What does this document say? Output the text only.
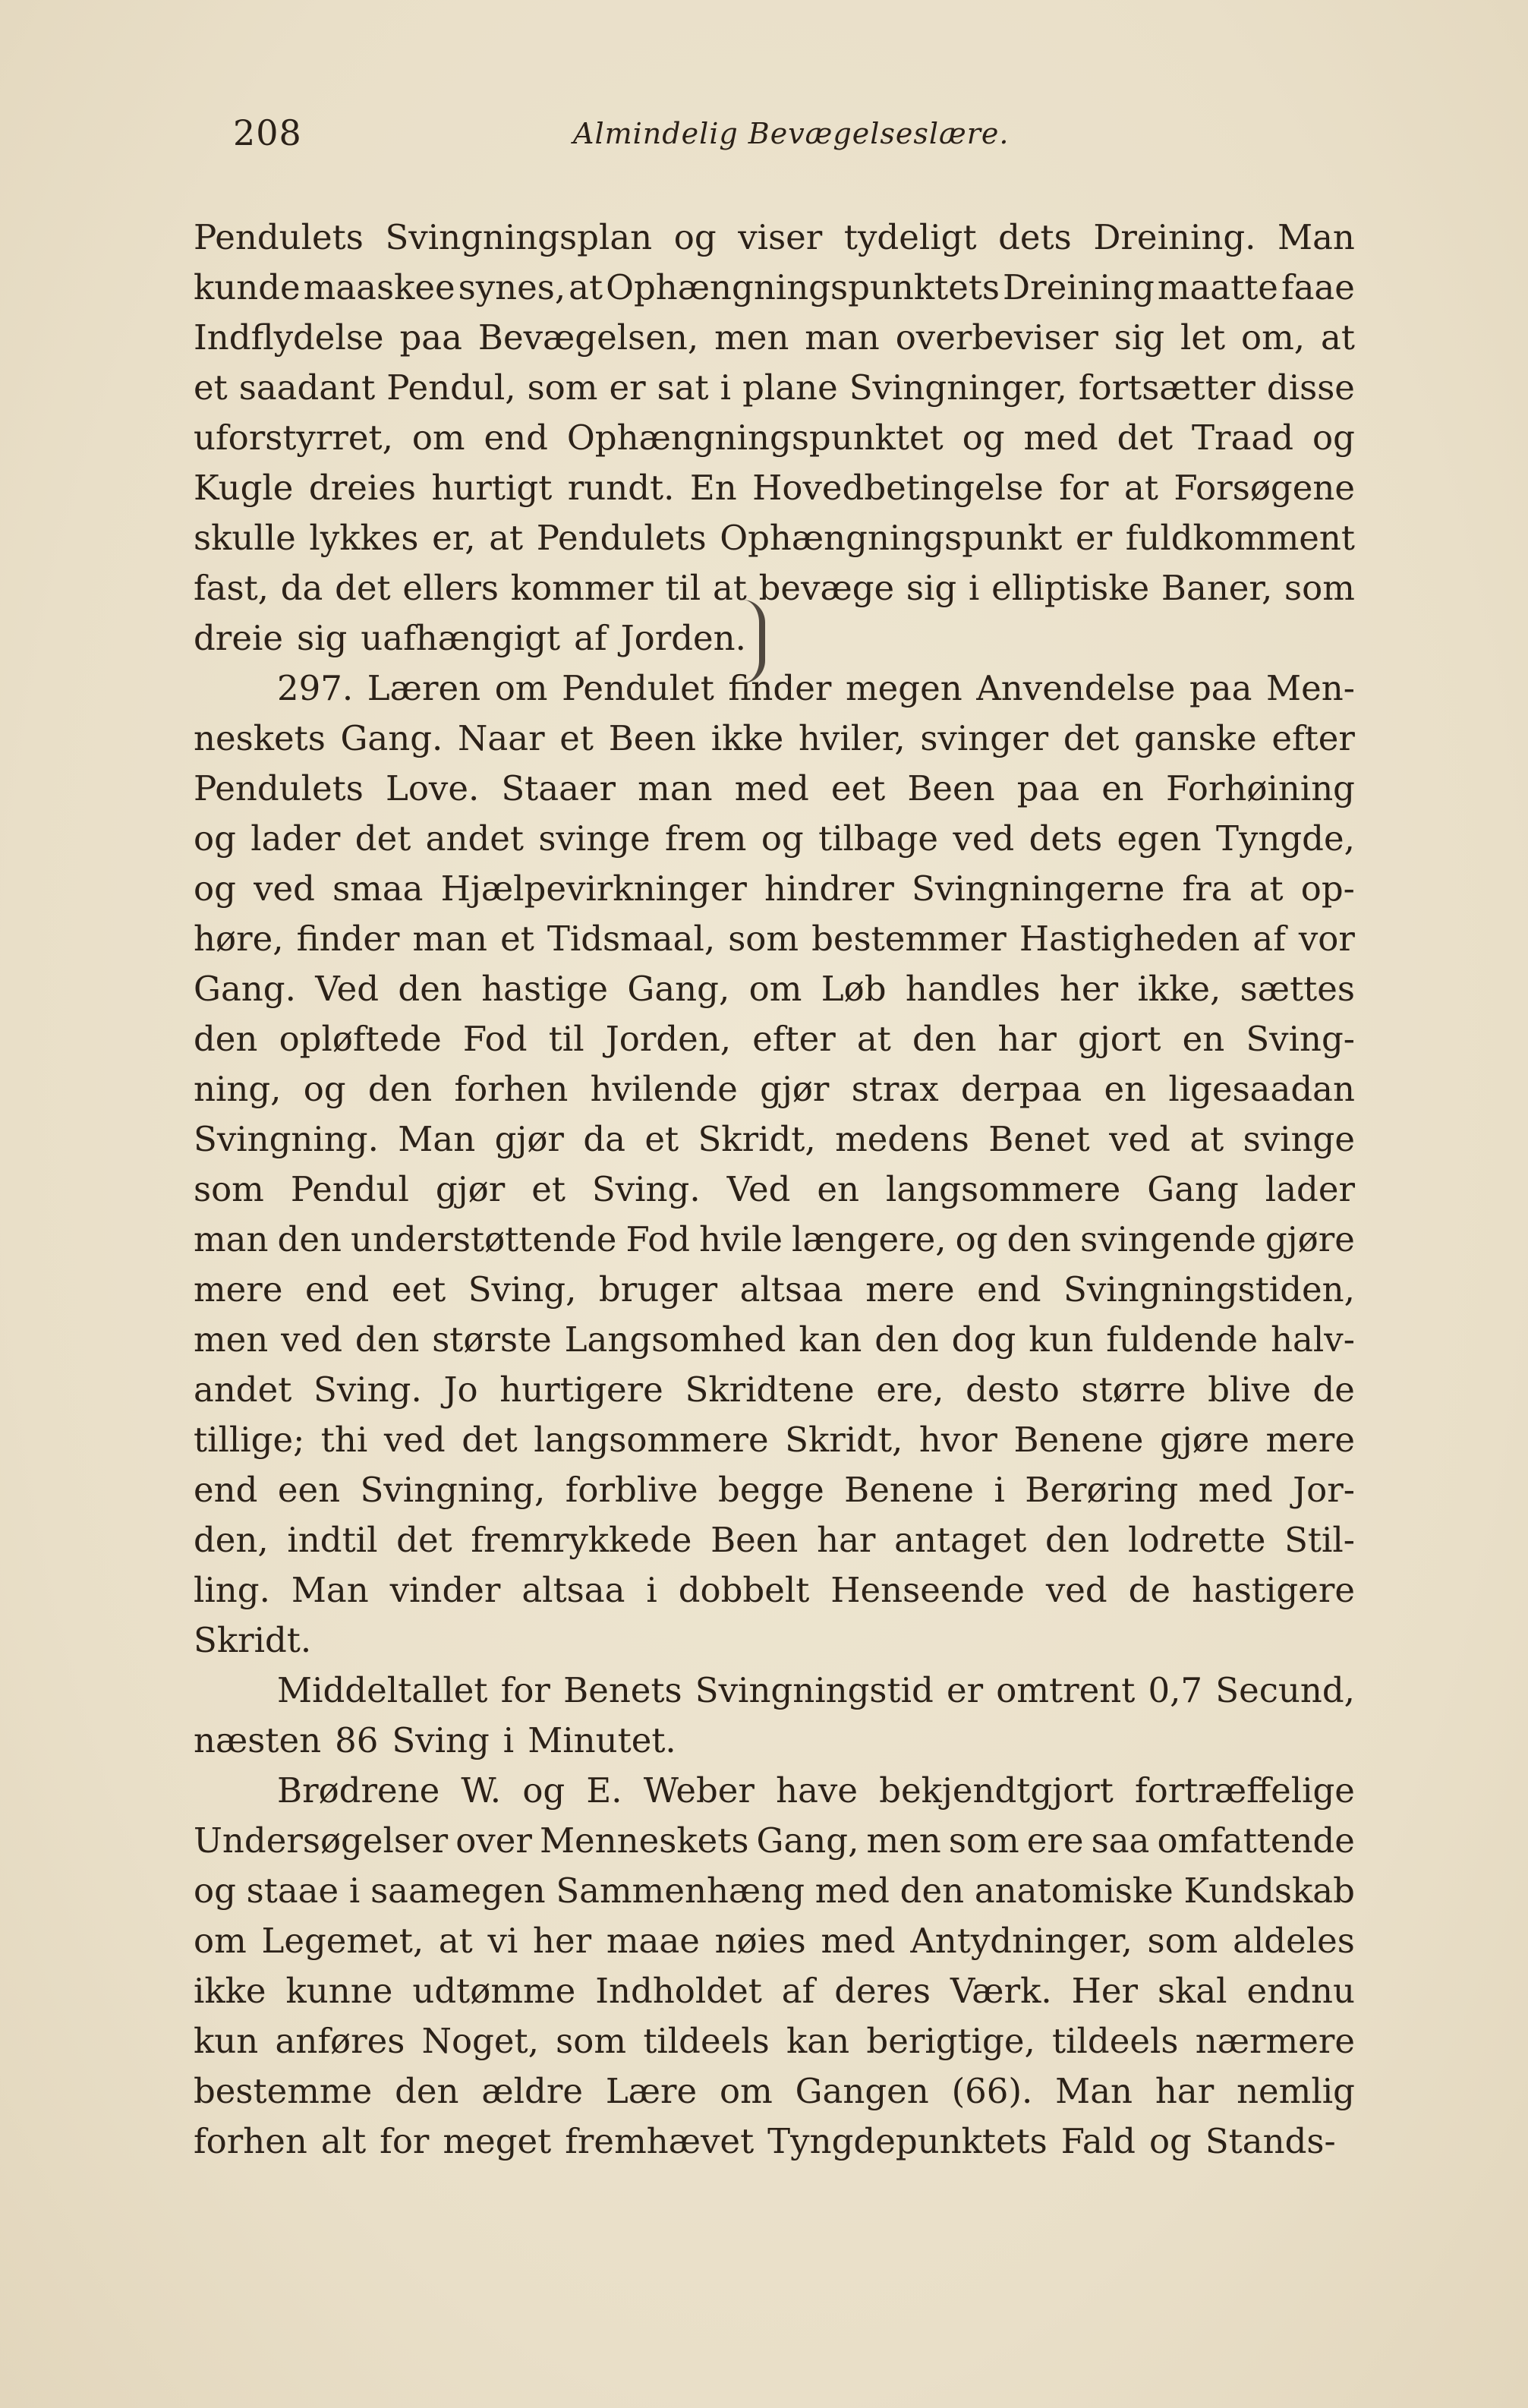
208	Almindelig Bevægelseslære.
Pendulets Svingningsplan og viser tydeligt dets Dreining. Man
kunde maaskee synes, at Ophængningspunktets Dreining maatte faae
Indflydelse paa Bevægelsen, men man overbeviser sig let om, at
et saadant Pendul, som er sat i plane Svingninger, fortsætter disse
uforstyrret, om end Ophængningspunktet og med det Traad og
Kugle dreies hurtigt rundt. En Hovedbetingelse for at Forsøgene
skulle lykkes er, at Pendulets Ophængningspunkt er fuldkomment
fast, da det ellers kommer til at bevæge sig i elliptiske Baner, som
dreie sig uafhængigt af Jorden.
297. Læren om Pendulet finder megen Anvendelse paa Men-
neskets Gang. Naar et Been ikke hviler, svinger det ganske efter
Pendulets Love. Staaer man med eet Been paa en Forhøining
og lader det andet svinge frem og tilbage ved dets egen Tyngde,
og ved smaa Hjælpevirkninger hindrer Svingningerne fra at op-
høre, finder man et Tidsmaal, som bestemmer Hastigheden af vor
Gang. Ved den hastige Gang, om Løb handles her ikke, sættes
den opløftede Fod til Jorden, efter at den har gjort en Sving-
ning, og den forhen hvilende gjør strax derpaa en ligesaadan
Svingning. Man gjør da et Skridt, medens Benet ved at svinge
som Pendul gjør et Sving. Ved en langsommere Gang lader
man den understøttende Fod hvile længere, og den svingende gjøre
mere end eet Sving, bruger altsaa mere end Svingningstiden,
men ved den største Langsomhed kan den dog kun fuldende halv-
andet Sving. Jo hurtigere Skridtene ere, desto større blive de
tillige; thi ved det langsommere Skridt, hvor Benene gjøre mere
end een Svingning, forblive begge Benene i Berøring med Jor-
den, indtil det fremrykkede Been har antaget den lodrette Stil-
ling. Man vinder altsaa i dobbelt Henseende ved de hastigere
Skridt.
Middeltallet for Benets Svingningstid er omtrent 0,7 Secund,
næsten 86 Sving i Minutet.
Brødrene W. og E. Weber have bekjendtgjort fortræffelige
Undersøgelser over Menneskets Gang, men som ere saa omfattende
og staae i saamegen Sammenhæng med den anatomiske Kundskab
om Legemet, at vi her maae nøies med Antydninger, som aldeles
ikke kunne udtømme Indholdet af deres Værk. Her skal endnu
kun anføres Noget, som tildeels kan berigtige, tildeels nærmere
bestemme den ældre Lære om Gangen (66). Man har nemlig
forhen alt for meget fremhævet Tyngdepunktets Fald og Stands-
